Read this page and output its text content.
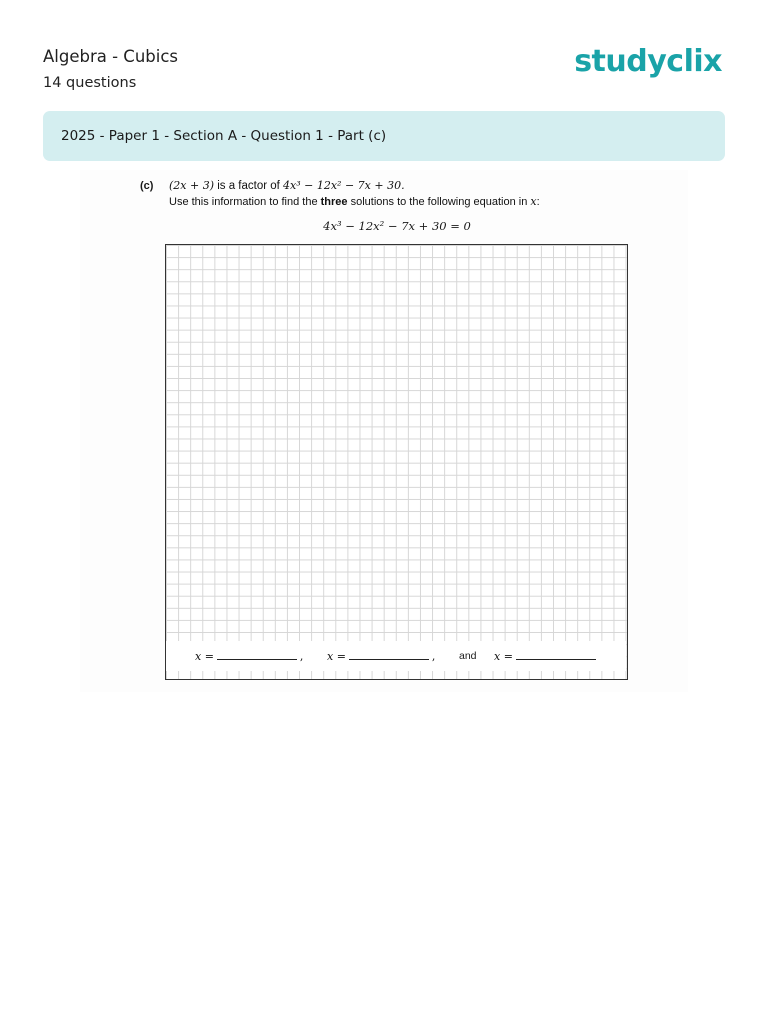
Algebra - Cubics
14 questions
studyclix
2025 - Paper 1 - Section A - Question 1 - Part (c)
(c) (2x + 3) is a factor of 4x³ − 12x² − 7x + 30.
Use this information to find the three solutions to the following equation in x:
4x³ − 12x² − 7x + 30 = 0
x =	, x =	, and x =
